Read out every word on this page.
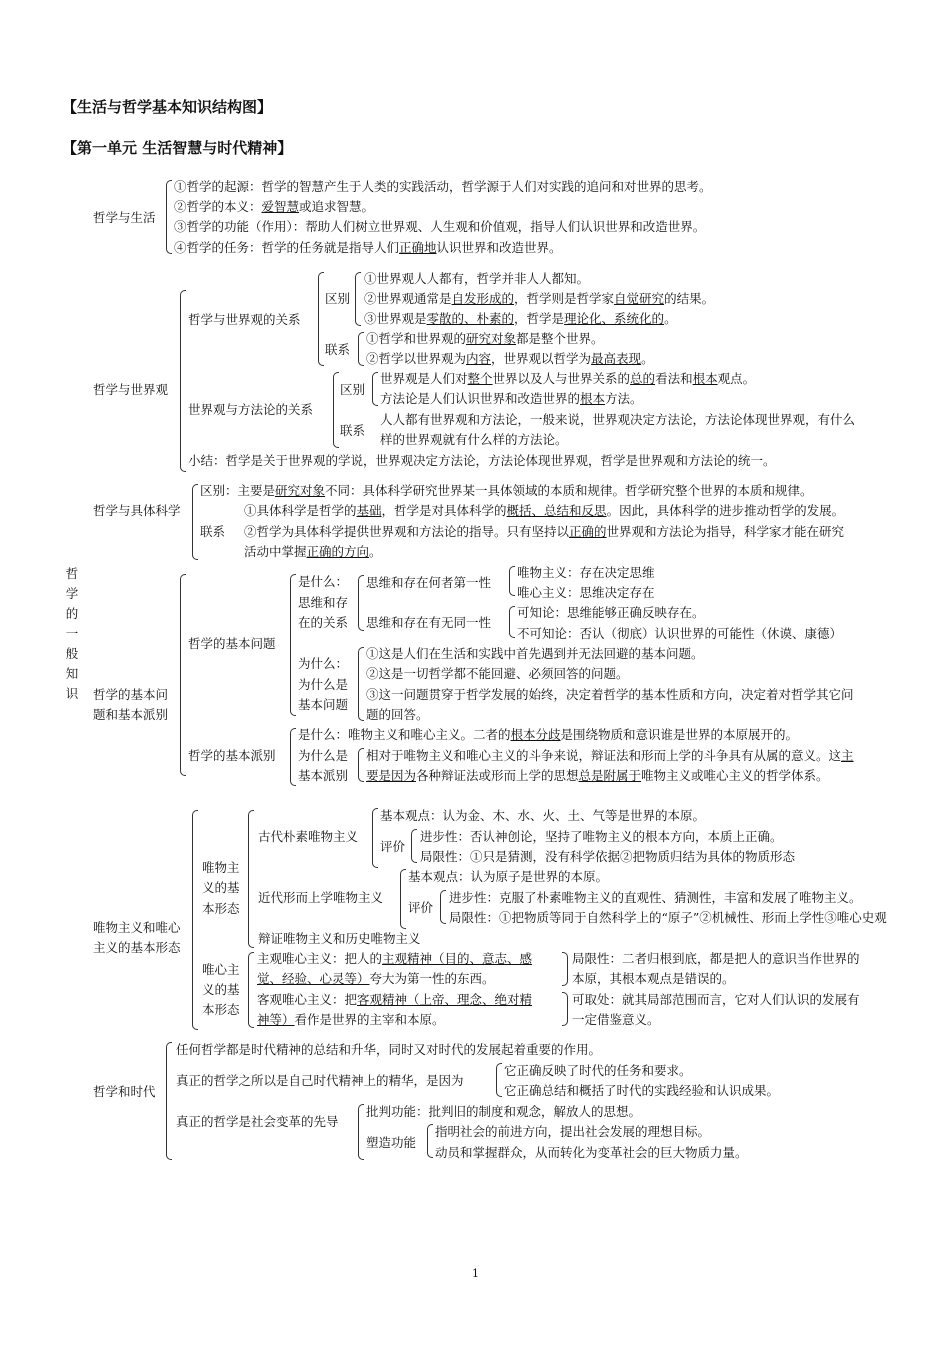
【生活与哲学基本知识结构图】
【第一单元 生活智慧与时代精神】
哲学的一般知识
哲学与生活
①哲学的起源：哲学的智慧产生于人类的实践活动，哲学源于人们对实践的追问和对世界的思考。
②哲学的本义：爱智慧或追求智慧。
③哲学的功能（作用）：帮助人们树立世界观、人生观和价值观，指导人们认识世界和改造世界。
④哲学的任务：哲学的任务就是指导人们正确地认识世界和改造世界。
哲学与世界观
哲学与世界观的关系
区别
①世界观人人都有，哲学并非人人都知。
②世界观通常是自发形成的，哲学则是哲学家自觉研究的结果。
③世界观是零散的、朴素的，哲学是理论化、系统化的。
联系
①哲学和世界观的研究对象都是整个世界。
②哲学以世界观为内容，世界观以哲学为最高表现。
世界观与方法论的关系
区别
世界观是人们对整个世界以及人与世界关系的总的看法和根本观点。
方法论是人们认识世界和改造世界的根本方法。
联系
人人都有世界观和方法论，一般来说，世界观决定方法论，方法论体现世界观，有什么
样的世界观就有什么样的方法论。
小结：哲学是关于世界观的学说，世界观决定方法论，方法论体现世界观，哲学是世界观和方法论的统一。
哲学与具体科学
区别：主要是研究对象不同：具体科学研究世界某一具体领域的本质和规律。哲学研究整个世界的本质和规律。
联系
①具体科学是哲学的基础，哲学是对具体科学的概括、总结和反思。因此，具体科学的进步推动哲学的发展。
②哲学为具体科学提供世界观和方法论的指导。只有坚持以正确的世界观和方法论为指导，科学家才能在研究
活动中掌握正确的方向。
哲学的基本问
题和基本派别
哲学的基本问题
是什么：
思维和存
在的关系
思维和存在何者第一性
思维和存在有无同一性
唯物主义：存在决定思维
唯心主义：思维决定存在
可知论：思维能够正确反映存在。
不可知论：否认（彻底）认识世界的可能性（休谟、康德）
为什么：
为什么是
基本问题
①这是人们在生活和实践中首先遇到并无法回避的基本问题。
②这是一切哲学都不能回避、必须回答的问题。
③这一问题贯穿于哲学发展的始终，决定着哲学的基本性质和方向，决定着对哲学其它问
题的回答。
哲学的基本派别
是什么：唯物主义和唯心主义。二者的根本分歧是围绕物质和意识谁是世界的本原展开的。
为什么是
基本派别
相对于唯物主义和唯心主义的斗争来说，辩证法和形而上学的斗争具有从属的意义。这主
要是因为各种辩证法或形而上学的思想总是附属于唯物主义或唯心主义的哲学体系。
唯物主义和唯心
主义的基本形态
唯物主
义的基
本形态
古代朴素唯物主义
基本观点：认为金、木、水、火、土、气等是世界的本原。
评价
进步性：否认神创论，坚持了唯物主义的根本方向，本质上正确。
局限性：①只是猜测，没有科学依据②把物质归结为具体的物质形态
近代形而上学唯物主义
基本观点：认为原子是世界的本原。
评价
进步性：克服了朴素唯物主义的直观性、猜测性，丰富和发展了唯物主义。
局限性：①把物质等同于自然科学上的“原子”②机械性、形而上学性③唯心史观
辩证唯物主义和历史唯物主义
唯心主
义的基
本形态
主观唯心主义：把人的主观精神（目的、意志、感
觉、经验、心灵等）夸大为第一性的东西。
客观唯心主义：把客观精神（上帝、理念、绝对精
神等）看作是世界的主宰和本原。
局限性：二者归根到底，都是把人的意识当作世界的
本原，其根本观点是错误的。
可取处：就其局部范围而言，它对人们认识的发展有
一定借鉴意义。
哲学和时代
任何哲学都是时代精神的总结和升华，同时又对时代的发展起着重要的作用。
真正的哲学之所以是自己时代精神上的精华，是因为
它正确反映了时代的任务和要求。
它正确总结和概括了时代的实践经验和认识成果。
真正的哲学是社会变革的先导
批判功能：批判旧的制度和观念，解放人的思想。
塑造功能
指明社会的前进方向，提出社会发展的理想目标。
动员和掌握群众，从而转化为变革社会的巨大物质力量。
1
